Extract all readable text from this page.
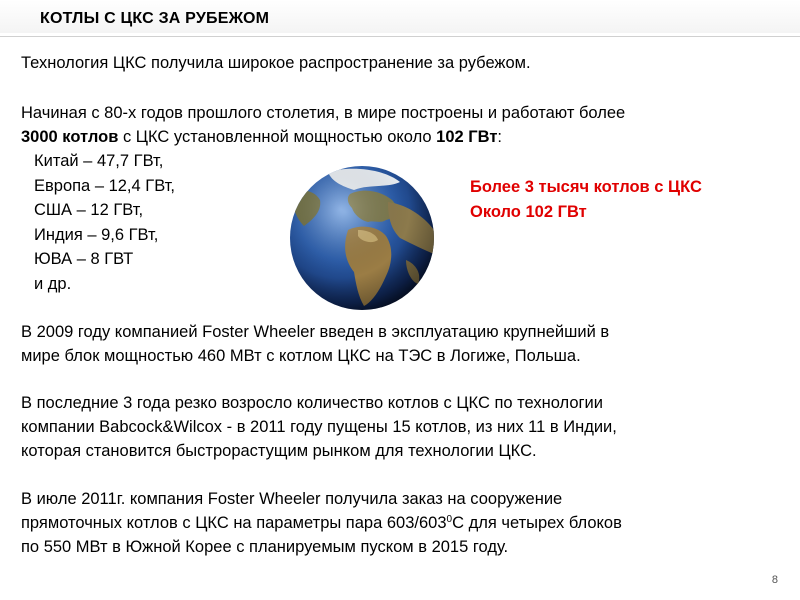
КОТЛЫ С ЦКС ЗА РУБЕЖОМ
Технология ЦКС получила широкое распространение за рубежом.
Начиная с 80-х годов прошлого столетия, в мире построены и работают более
3000 котлов с ЦКС установленной мощностью около 102 ГВт:
Китай – 47,7 ГВт,
Европа – 12,4 ГВт,
США – 12 ГВт,
Индия – 9,6 ГВт,
ЮВА – 8 ГВТ
и др.
Более 3 тысяч котлов с ЦКС
Около 102 ГВт
В 2009 году компанией Foster Wheeler введен в эксплуатацию крупнейший в
мире блок мощностью 460 МВт с котлом ЦКС на ТЭС в Логиже, Польша.
В последние 3 года резко возросло количество котлов с ЦКС по технологии
компании Babcock&Wilcox - в 2011 году пущены 15 котлов, из них 11 в Индии,
которая становится быстрорастущим рынком для технологии ЦКС.
В июле 2011г. компания Foster Wheeler получила заказ на сооружение
прямоточных котлов с ЦКС на параметры пара $603/603^0С$ для четырех блоков
по 550 МВт в Южной Корее с планируемым пуском в 2015 году.
8
